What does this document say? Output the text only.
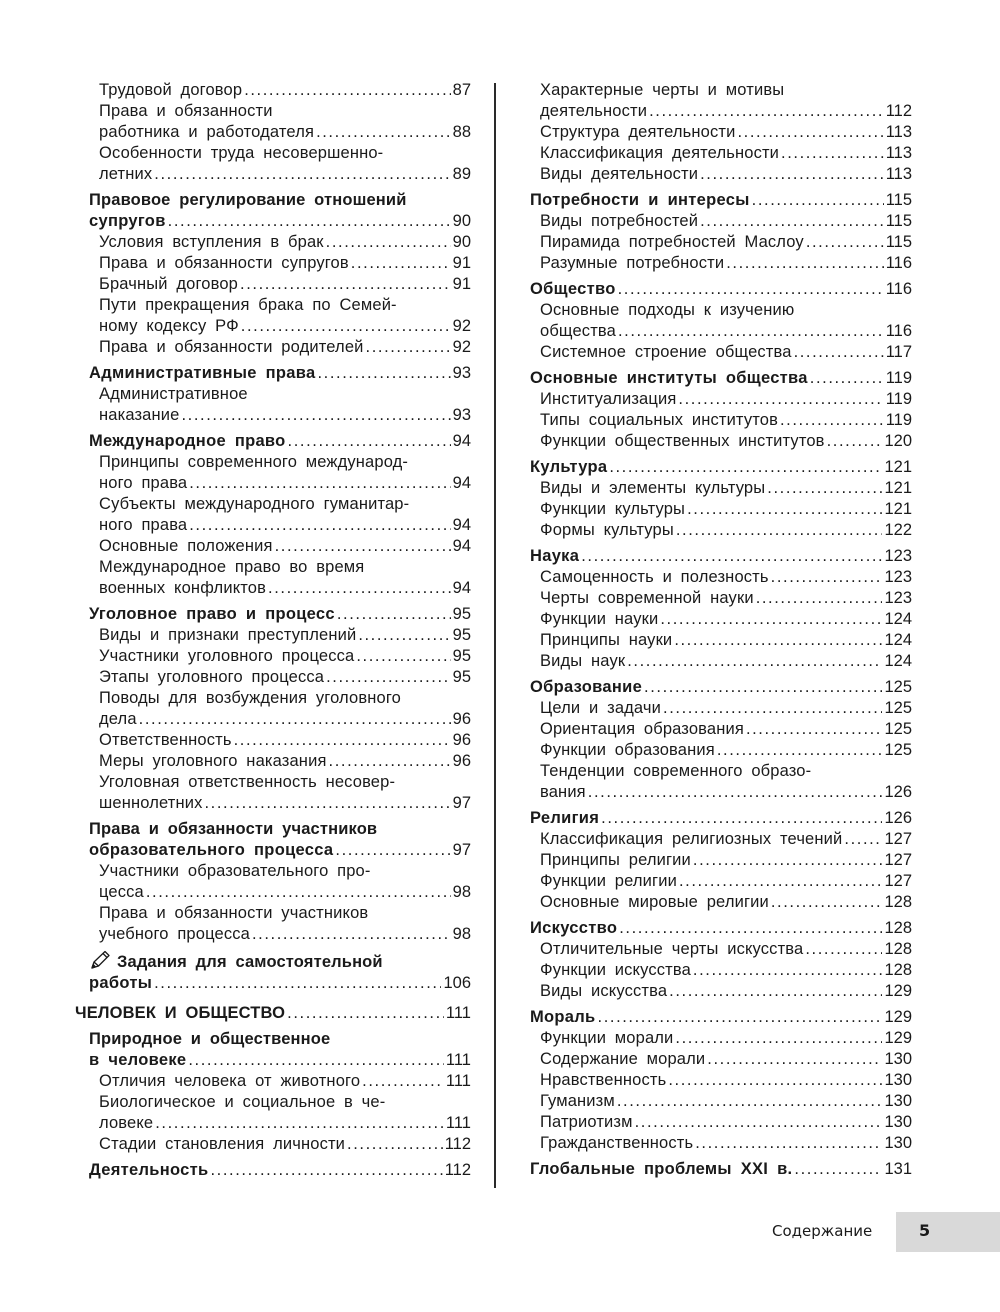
Трудовой договор .....	87
Права и обязанности
работника и работодателя .....	88
Особенности труда несовершенно-
летних .....	89
Правовое регулирование отношений
супругов .....	90
Условия вступления в брак .....	90
Права и обязанности супругов .....	91
Брачный договор .....	91
Пути прекращения брака по Семей-
ному кодексу РФ .....	92
Права и обязанности родителей .....	92
Административные права .....	93
Административное
наказание .....	93
Международное право .....	94
Принципы современного международ-
ного права .....	94
Субъекты международного гуманитар-
ного права .....	94
Основные положения .....	94
Международное право во время
военных конфликтов .....	94
Уголовное право и процесс .....	95
Виды и признаки преступлений .....	95
Участники уголовного процесса .....	95
Этапы уголовного процесса .....	95
Поводы для возбуждения уголовного
дела .....	96
Ответственность .....	96
Меры уголовного наказания .....	96
Уголовная ответственность несовер-
шеннолетних .....	97
Права и обязанности участников
образовательного процесса .....	97
Участники образовательного про-
цесса .....	98
Права и обязанности участников
учебного процесса .....	98
Задания для самостоятельной
работы .....	106
ЧЕЛОВЕК И ОБЩЕСТВО .....	111
Природное и общественное
в человеке .....	111
Отличия человека от животного .....	111
Биологическое и социальное в че-
ловеке .....	111
Стадии становления личности .....	112
Деятельность .....	112
Характерные черты и мотивы
деятельности .....	112
Структура деятельности .....	113
Классификация деятельности .....	113
Виды деятельности .....	113
Потребности и интересы .....	115
Виды потребностей .....	115
Пирамида потребностей Маслоу .....	115
Разумные потребности .....	116
Общество .....	116
Основные подходы к изучению
общества .....	116
Системное строение общества .....	117
Основные институты общества .....	119
Институализация .....	119
Типы социальных институтов .....	119
Функции общественных институтов .....	120
Культура .....	121
Виды и элементы культуры .....	121
Функции культуры .....	121
Формы культуры .....	122
Наука .....	123
Самоценность и полезность .....	123
Черты современной науки .....	123
Функции науки .....	124
Принципы науки .....	124
Виды наук .....	124
Образование .....	125
Цели и задачи .....	125
Ориентация образования .....	125
Функции образования .....	125
Тенденции современного образо-
вания .....	126
Религия .....	126
Классификация религиозных течений .....	127
Принципы религии .....	127
Функции религии .....	127
Основные мировые религии .....	128
Искусство .....	128
Отличительные черты искусства .....	128
Функции искусства .....	128
Виды искусства .....	129
Мораль .....	129
Функции морали .....	129
Содержание морали .....	130
Нравственность .....	130
Гуманизм .....	130
Патриотизм .....	130
Гражданственность .....	130
Глобальные проблемы XXI в. .....	131
Содержание	5
